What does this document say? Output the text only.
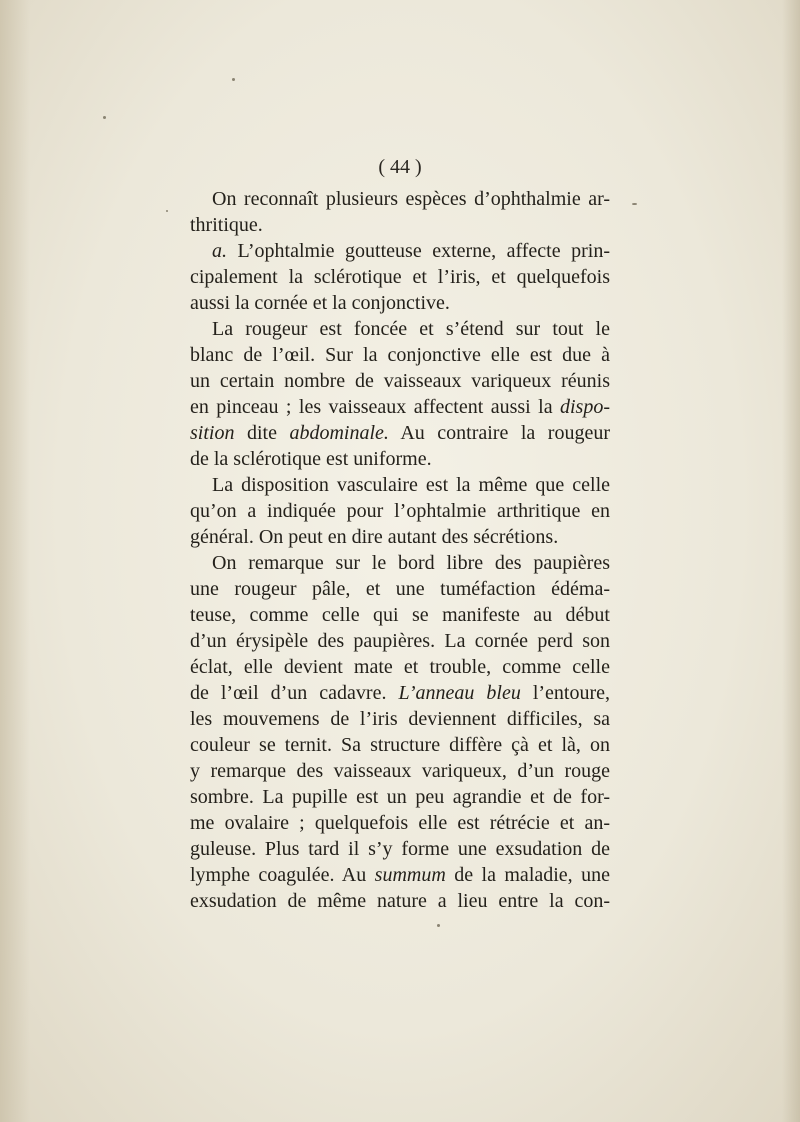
( 44 )
On reconnaît plusieurs espèces d’ophthalmie ar-
thritique.
a. L’ophtalmie goutteuse externe, affecte prin-
cipalement la sclérotique et l’iris, et quelquefois
aussi la cornée et la conjonctive.
La rougeur est foncée et s’étend sur tout le
blanc de l’œil. Sur la conjonctive elle est due à
un certain nombre de vaisseaux variqueux réunis
en pinceau ; les vaisseaux affectent aussi la dispo-
sition dite abdominale. Au contraire la rougeur
de la sclérotique est uniforme.
La disposition vasculaire est la même que celle
qu’on a indiquée pour l’ophtalmie arthritique en
général. On peut en dire autant des sécrétions.
On remarque sur le bord libre des paupières
une rougeur pâle, et une tuméfaction édéma-
teuse, comme celle qui se manifeste au début
d’un érysipèle des paupières. La cornée perd son
éclat, elle devient mate et trouble, comme celle
de l’œil d’un cadavre. L’anneau bleu l’entoure,
les mouvemens de l’iris deviennent difficiles, sa
couleur se ternit. Sa structure diffère çà et là, on
y remarque des vaisseaux variqueux, d’un rouge
sombre. La pupille est un peu agrandie et de for-
me ovalaire ; quelquefois elle est rétrécie et an-
guleuse. Plus tard il s’y forme une exsudation de
lymphe coagulée. Au summum de la maladie, une
exsudation de même nature a lieu entre la con-
